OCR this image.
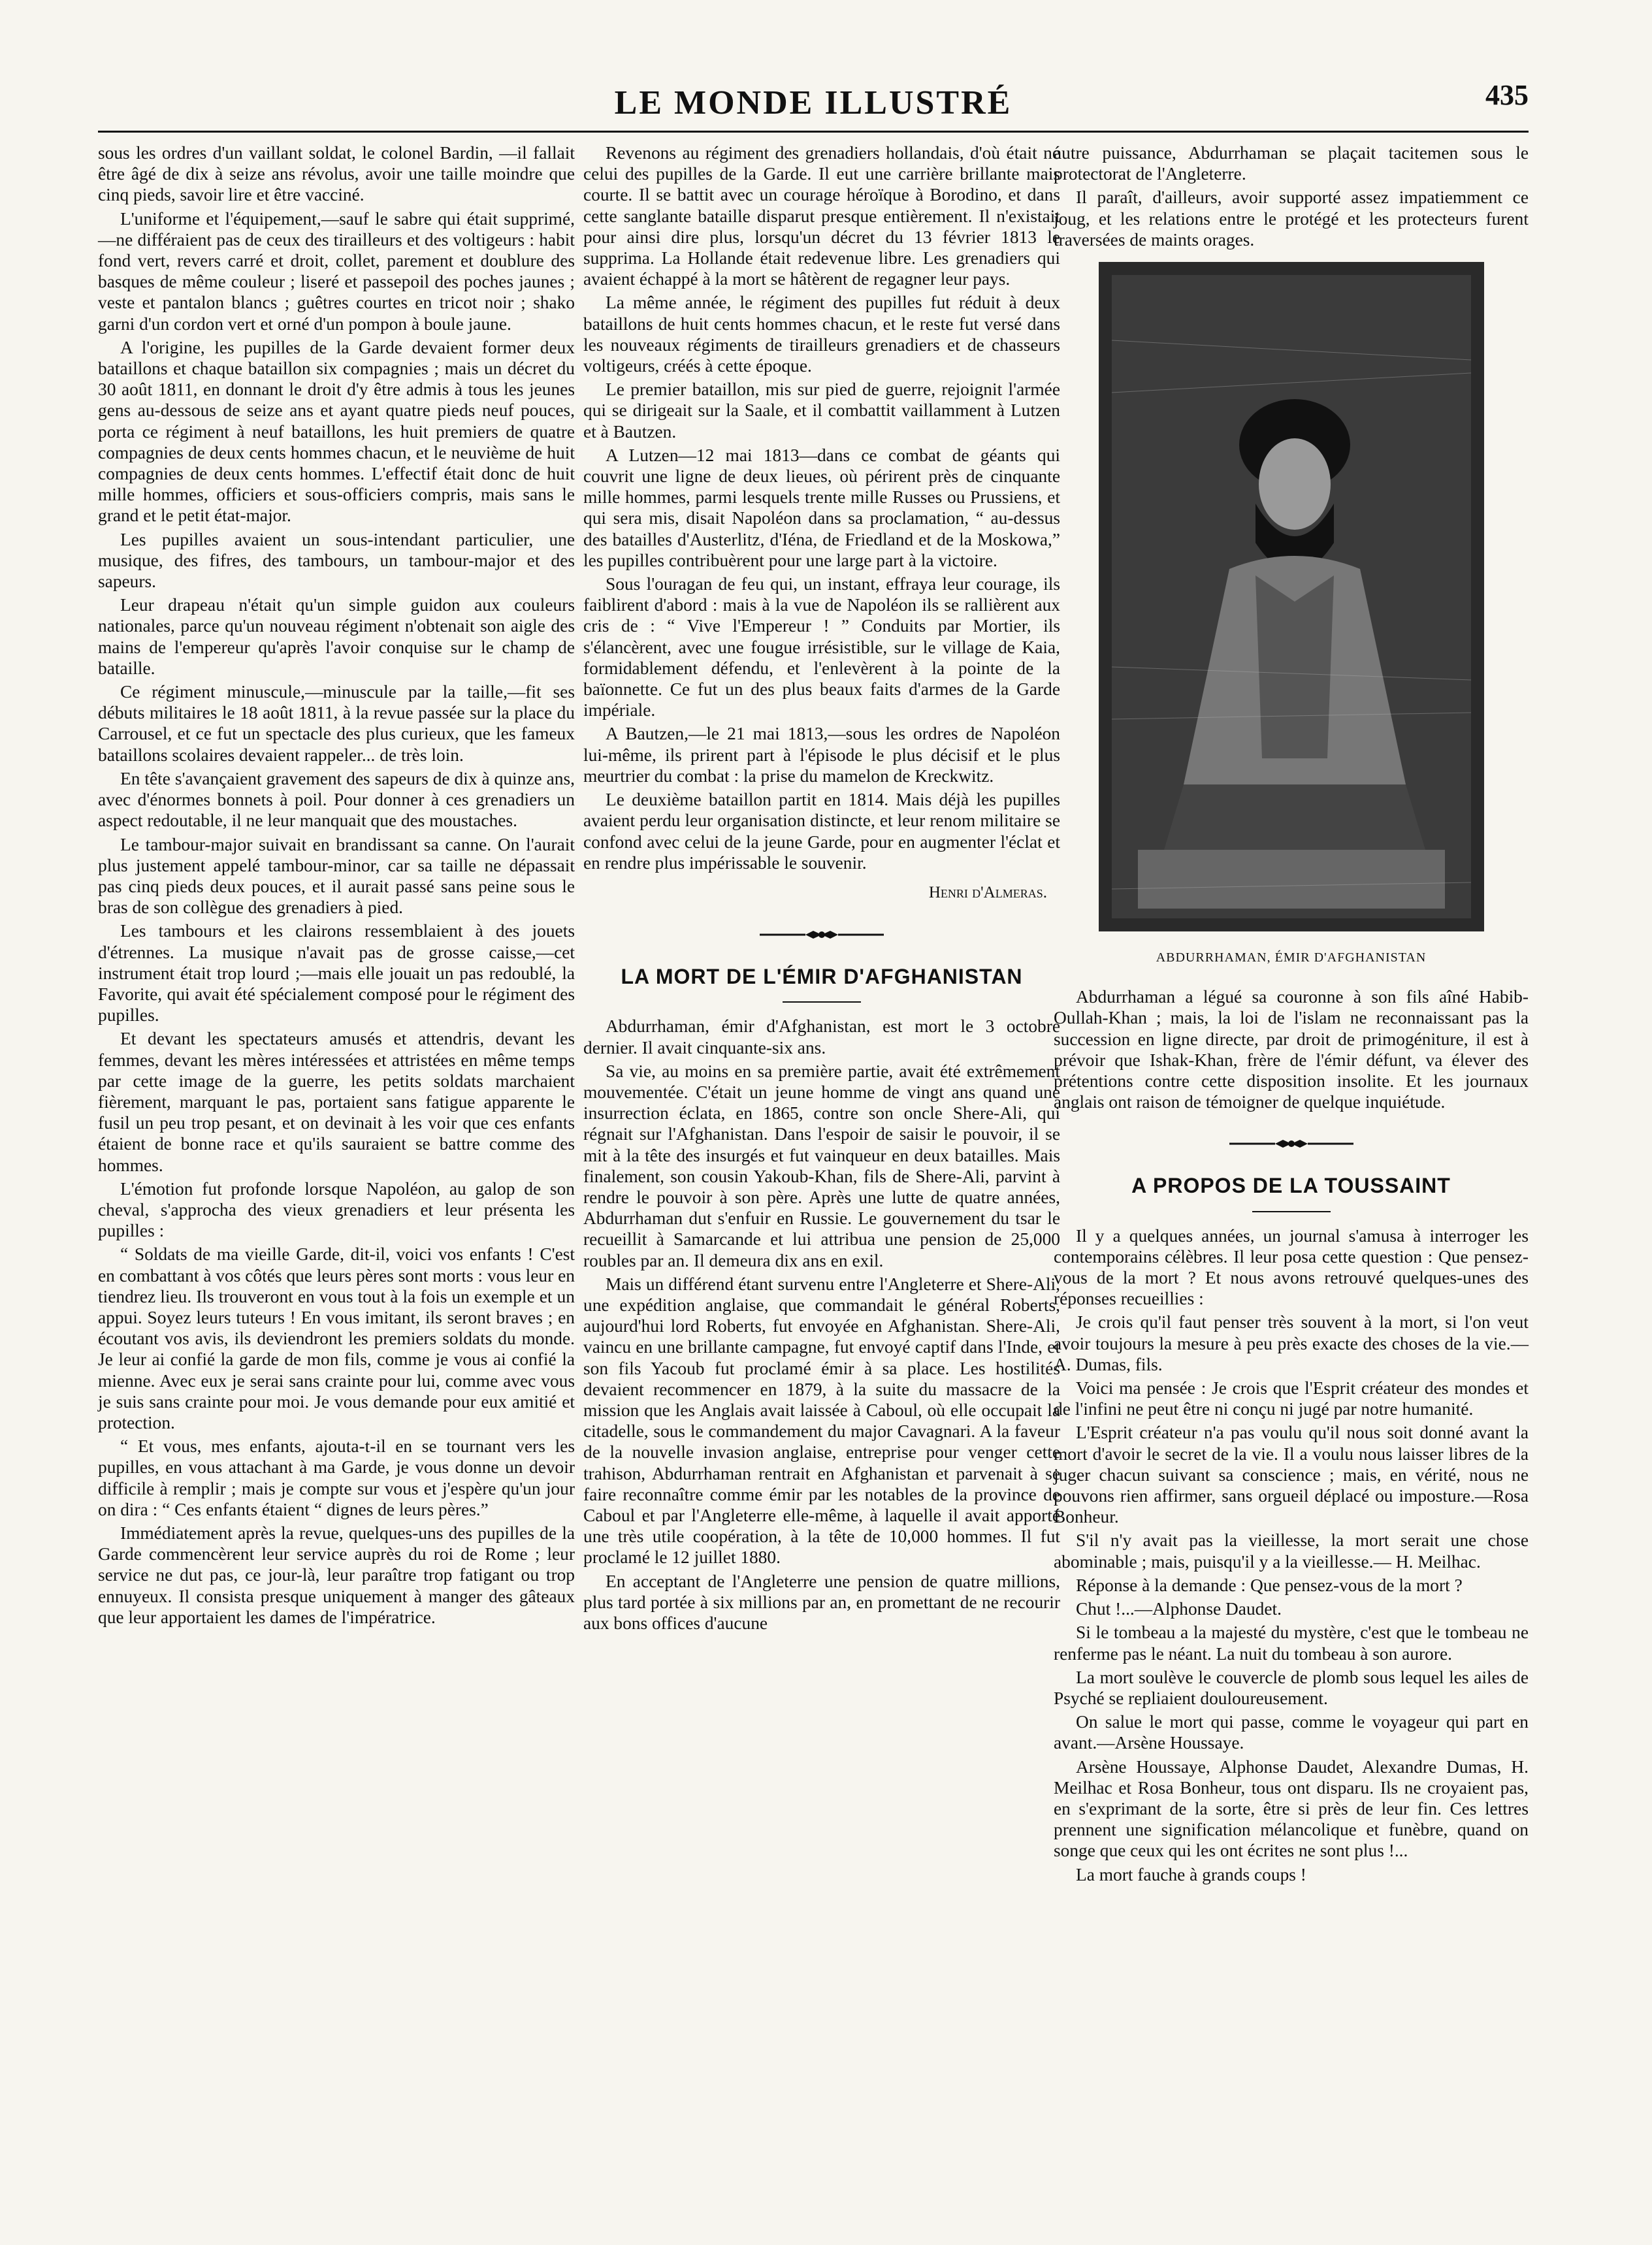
LE MONDE ILLUSTRÉ	435

sous les ordres d'un vaillant soldat, le colonel Bardin, —il fallait être âgé de dix à seize ans révolus, avoir une taille moindre que cinq pieds, savoir lire et être vacciné.

L'uniforme et l'équipement,—sauf le sabre qui était supprimé,—ne différaient pas de ceux des tirailleurs et des voltigeurs : habit fond vert, revers carré et droit, collet, parement et doublure des basques de même couleur ; liseré et passepoil des poches jaunes ; veste et pantalon blancs ; guêtres courtes en tricot noir ; shako garni d'un cordon vert et orné d'un pompon à boule jaune.

A l'origine, les pupilles de la Garde devaient former deux bataillons et chaque bataillon six compagnies ; mais un décret du 30 août 1811, en donnant le droit d'y être admis à tous les jeunes gens au-dessous de seize ans et ayant quatre pieds neuf pouces, porta ce régiment à neuf bataillons, les huit premiers de quatre compagnies de deux cents hommes chacun, et le neuvième de huit compagnies de deux cents hommes. L'effectif était donc de huit mille hommes, officiers et sous-officiers compris, mais sans le grand et le petit état-major.

Les pupilles avaient un sous-intendant particulier, une musique, des fifres, des tambours, un tambour-major et des sapeurs.

Leur drapeau n'était qu'un simple guidon aux couleurs nationales, parce qu'un nouveau régiment n'obtenait son aigle des mains de l'empereur qu'après l'avoir conquise sur le champ de bataille.

Ce régiment minuscule,—minuscule par la taille,—fit ses débuts militaires le 18 août 1811, à la revue passée sur la place du Carrousel, et ce fut un spectacle des plus curieux, que les fameux bataillons scolaires devaient rappeler... de très loin.

En tête s'avançaient gravement des sapeurs de dix à quinze ans, avec d'énormes bonnets à poil. Pour donner à ces grenadiers un aspect redoutable, il ne leur manquait que des moustaches.

Le tambour-major suivait en brandissant sa canne. On l'aurait plus justement appelé tambour-minor, car sa taille ne dépassait pas cinq pieds deux pouces, et il aurait passé sans peine sous le bras de son collègue des grenadiers à pied.

Les tambours et les clairons ressemblaient à des jouets d'étrennes. La musique n'avait pas de grosse caisse,—cet instrument était trop lourd ;—mais elle jouait un pas redoublé, la Favorite, qui avait été spécialement composé pour le régiment des pupilles.

Et devant les spectateurs amusés et attendris, devant les femmes, devant les mères intéressées et attristées en même temps par cette image de la guerre, les petits soldats marchaient fièrement, marquant le pas, portaient sans fatigue apparente le fusil un peu trop pesant, et on devinait à les voir que ces enfants étaient de bonne race et qu'ils sauraient se battre comme des hommes.

L'émotion fut profonde lorsque Napoléon, au galop de son cheval, s'approcha des vieux grenadiers et leur présenta les pupilles :

“ Soldats de ma vieille Garde, dit-il, voici vos enfants ! C'est en combattant à vos côtés que leurs pères sont morts : vous leur en tiendrez lieu. Ils trouveront en vous tout à la fois un exemple et un appui. Soyez leurs tuteurs ! En vous imitant, ils seront braves ; en écoutant vos avis, ils deviendront les premiers soldats du monde. Je leur ai confié la garde de mon fils, comme je vous ai confié la mienne. Avec eux je serai sans crainte pour lui, comme avec vous je suis sans crainte pour moi. Je vous demande pour eux amitié et protection.

“ Et vous, mes enfants, ajouta-t-il en se tournant vers les pupilles, en vous attachant à ma Garde, je vous donne un devoir difficile à remplir ; mais je compte sur vous et j'espère qu'un jour on dira : “ Ces enfants étaient “ dignes de leurs pères.”

Immédiatement après la revue, quelques-uns des pupilles de la Garde commencèrent leur service auprès du roi de Rome ; leur service ne dut pas, ce jour-là, leur paraître trop fatigant ou trop ennuyeux. Il consista presque uniquement à manger des gâteaux que leur apportaient les dames de l'impératrice.

Revenons au régiment des grenadiers hollandais, d'où était né celui des pupilles de la Garde. Il eut une carrière brillante mais courte. Il se battit avec un courage héroïque à Borodino, et dans cette sanglante bataille disparut presque entièrement. Il n'existait pour ainsi dire plus, lorsqu'un décret du 13 février 1813 le supprima. La Hollande était redevenue libre. Les grenadiers qui avaient échappé à la mort se hâtèrent de regagner leur pays.

La même année, le régiment des pupilles fut réduit à deux bataillons de huit cents hommes chacun, et le reste fut versé dans les nouveaux régiments de tirailleurs grenadiers et de chasseurs voltigeurs, créés à cette époque.

Le premier bataillon, mis sur pied de guerre, rejoignit l'armée qui se dirigeait sur la Saale, et il combattit vaillamment à Lutzen et à Bautzen.

A Lutzen—12 mai 1813—dans ce combat de géants qui couvrit une ligne de deux lieues, où périrent près de cinquante mille hommes, parmi lesquels trente mille Russes ou Prussiens, et qui sera mis, disait Napoléon dans sa proclamation, “ au-dessus des batailles d'Austerlitz, d'Iéna, de Friedland et de la Moskowa,” les pupilles contribuèrent pour une large part à la victoire.

Sous l'ouragan de feu qui, un instant, effraya leur courage, ils faiblirent d'abord : mais à la vue de Napoléon ils se rallièrent aux cris de : “ Vive l'Empereur ! ” Conduits par Mortier, ils s'élancèrent, avec une fougue irrésistible, sur le village de Kaia, formidablement défendu, et l'enlevèrent à la pointe de la baïonnette. Ce fut un des plus beaux faits d'armes de la Garde impériale.

A Bautzen,—le 21 mai 1813,—sous les ordres de Napoléon lui-même, ils prirent part à l'épisode le plus décisif et le plus meurtrier du combat : la prise du mamelon de Kreckwitz.

Le deuxième bataillon partit en 1814. Mais déjà les pupilles avaient perdu leur organisation distincte, et leur renom militaire se confond avec celui de la jeune Garde, pour en augmenter l'éclat et en rendre plus impérissable le souvenir.

Henri d'Almeras.
LA MORT DE L'ÉMIR D'AFGHANISTAN

Abdurrhaman, émir d'Afghanistan, est mort le 3 octobre dernier. Il avait cinquante-six ans.

Sa vie, au moins en sa première partie, avait été extrêmement mouvementée. C'était un jeune homme de vingt ans quand une insurrection éclata, en 1865, contre son oncle Shere-Ali, qui régnait sur l'Afghanistan. Dans l'espoir de saisir le pouvoir, il se mit à la tête des insurgés et fut vainqueur en deux batailles. Mais finalement, son cousin Yakoub-Khan, fils de Shere-Ali, parvint à rendre le pouvoir à son père. Après une lutte de quatre années, Abdurrhaman dut s'enfuir en Russie. Le gouvernement du tsar le recueillit à Samarcande et lui attribua une pension de 25,000 roubles par an. Il demeura dix ans en exil.

Mais un différend étant survenu entre l'Angleterre et Shere-Ali, une expédition anglaise, que commandait le général Roberts, aujourd'hui lord Roberts, fut envoyée en Afghanistan. Shere-Ali, vaincu en une brillante campagne, fut envoyé captif dans l'Inde, et son fils Yacoub fut proclamé émir à sa place. Les hostilités devaient recommencer en 1879, à la suite du massacre de la mission que les Anglais avait laissée à Caboul, où elle occupait la citadelle, sous le commandement du major Cavagnari. A la faveur de la nouvelle invasion anglaise, entreprise pour venger cette trahison, Abdurrhaman rentrait en Afghanistan et parvenait à se faire reconnaître comme émir par les notables de la province de Caboul et par l'Angleterre elle-même, à laquelle il avait apporté une très utile coopération, à la tête de 10,000 hommes. Il fut proclamé le 12 juillet 1880.

En acceptant de l'Angleterre une pension de quatre millions, plus tard portée à six millions par an, en promettant de ne recourir aux bons offices d'aucune

autre puissance, Abdurrhaman se plaçait tacitemen sous le protectorat de l'Angleterre.

Il paraît, d'ailleurs, avoir supporté assez impatiemment ce joug, et les relations entre le protégé et les protecteurs furent traversées de maints orages.

ABDURRHAMAN, ÉMIR D'AFGHANISTAN

Abdurrhaman a légué sa couronne à son fils aîné Habib-Oullah-Khan ; mais, la loi de l'islam ne reconnaissant pas la succession en ligne directe, par droit de primogéniture, il est à prévoir que Ishak-Khan, frère de l'émir défunt, va élever des prétentions contre cette disposition insolite. Et les journaux anglais ont raison de témoigner de quelque inquiétude.

A PROPOS DE LA TOUSSAINT

Il y a quelques années, un journal s'amusa à interroger les contemporains célèbres. Il leur posa cette question : Que pensez-vous de la mort ? Et nous avons retrouvé quelques-unes des réponses recueillies :

Je crois qu'il faut penser très souvent à la mort, si l'on veut avoir toujours la mesure à peu près exacte des choses de la vie.—A. Dumas, fils.

Voici ma pensée : Je crois que l'Esprit créateur des mondes et de l'infini ne peut être ni conçu ni jugé par notre humanité.

L'Esprit créateur n'a pas voulu qu'il nous soit donné avant la mort d'avoir le secret de la vie. Il a voulu nous laisser libres de la juger chacun suivant sa conscience ; mais, en vérité, nous ne pouvons rien affirmer, sans orgueil déplacé ou imposture.—Rosa Bonheur.

S'il n'y avait pas la vieillesse, la mort serait une chose abominable ; mais, puisqu'il y a la vieillesse.— H. Meilhac.

Réponse à la demande : Que pensez-vous de la mort ?

Chut !...—Alphonse Daudet.

Si le tombeau a la majesté du mystère, c'est que le tombeau ne renferme pas le néant. La nuit du tombeau à son aurore.

La mort soulève le couvercle de plomb sous lequel les ailes de Psyché se repliaient douloureusement.

On salue le mort qui passe, comme le voyageur qui part en avant.—Arsène Houssaye.

Arsène Houssaye, Alphonse Daudet, Alexandre Dumas, H. Meilhac et Rosa Bonheur, tous ont disparu. Ils ne croyaient pas, en s'exprimant de la sorte, être si près de leur fin. Ces lettres prennent une signification mélancolique et funèbre, quand on songe que ceux qui les ont écrites ne sont plus !...

La mort fauche à grands coups !
